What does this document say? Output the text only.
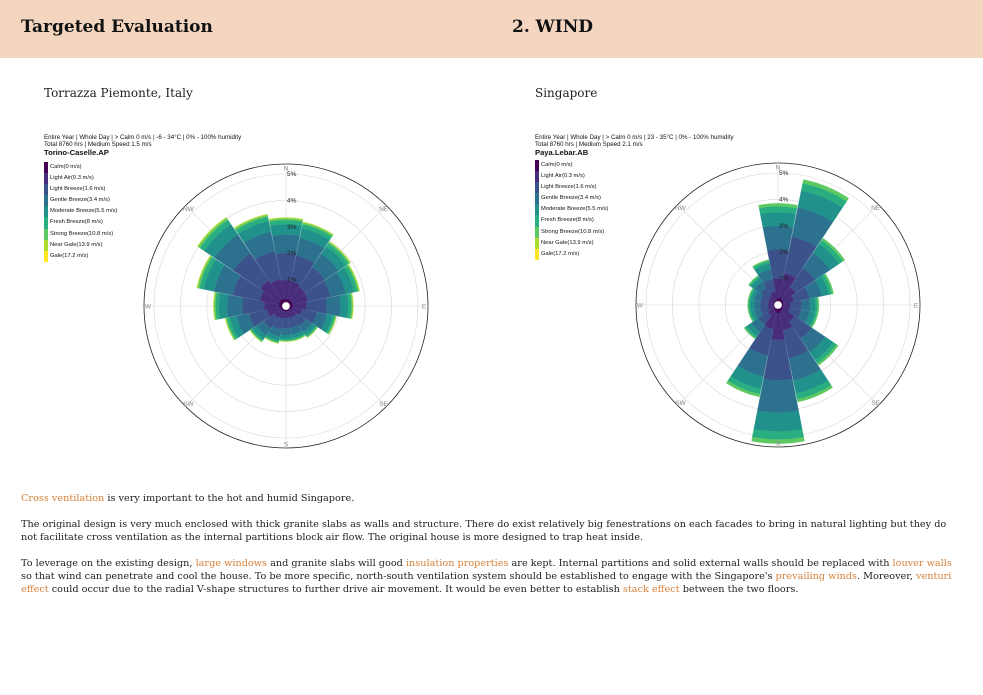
Targeted Evaluation	2. WIND
Torrazza Piemonte, Italy
Entire Year | Whole Day | > Calm 0 m/s | -6 - 34°C | 0% - 100% humidity
Total 8760 hrs | Medium Speed 1.5 m/s
Torino-Caselle.AP
Calm(0 m/s)
Light Air(0.3 m/s)
Light Breeze(1.6 m/s)
Gentle Breeze(3.4 m/s)
Moderate Breeze(5.5 m/s)
Fresh Breeze(8 m/s)
Strong Breeze(10.8 m/s)
Near Gale(13.9 m/s)
Gale(17.2 m/s)
1%
2%
3%
4%
5%
N
NE
E
SE
S
SW
W
NW
Singapore
Entire Year | Whole Day | > Calm 0 m/s | 23 - 35°C | 0% - 100% humidity
Total 8760 hrs | Medium Speed 2.1 m/s
Paya.Lebar.AB
Calm(0 m/s)
Light Air(0.3 m/s)
Light Breeze(1.6 m/s)
Gentle Breeze(3.4 m/s)
Moderate Breeze(5.5 m/s)
Fresh Breeze(8 m/s)
Strong Breeze(10.8 m/s)
Near Gale(13.9 m/s)
Gale(17.2 m/s)
1%
2%
3%
4%
5%
N
NE
E
SE
S
SW
W
NW

Cross ventilation is very important to the hot and humid Singapore.

The original design is very much enclosed with thick granite slabs as walls and structure. There do exist relatively big fenestrations on each facades to bring in natural lighting but they do not facilitate cross ventilation as the internal partitions block air flow. The original house is more designed to trap heat inside.

To leverage on the existing design, large windows and granite slabs will good insulation properties are kept. Internal partitions and solid external walls should be replaced with louver walls so that wind can penetrate and cool the house. To be more specific, north-south ventilation system should be established to engage with the Singapore's prevailing winds. Moreover, venturi effect could occur due to the radial V-shape structures to further drive air movement. It would be even better to establish stack effect between the two floors.
